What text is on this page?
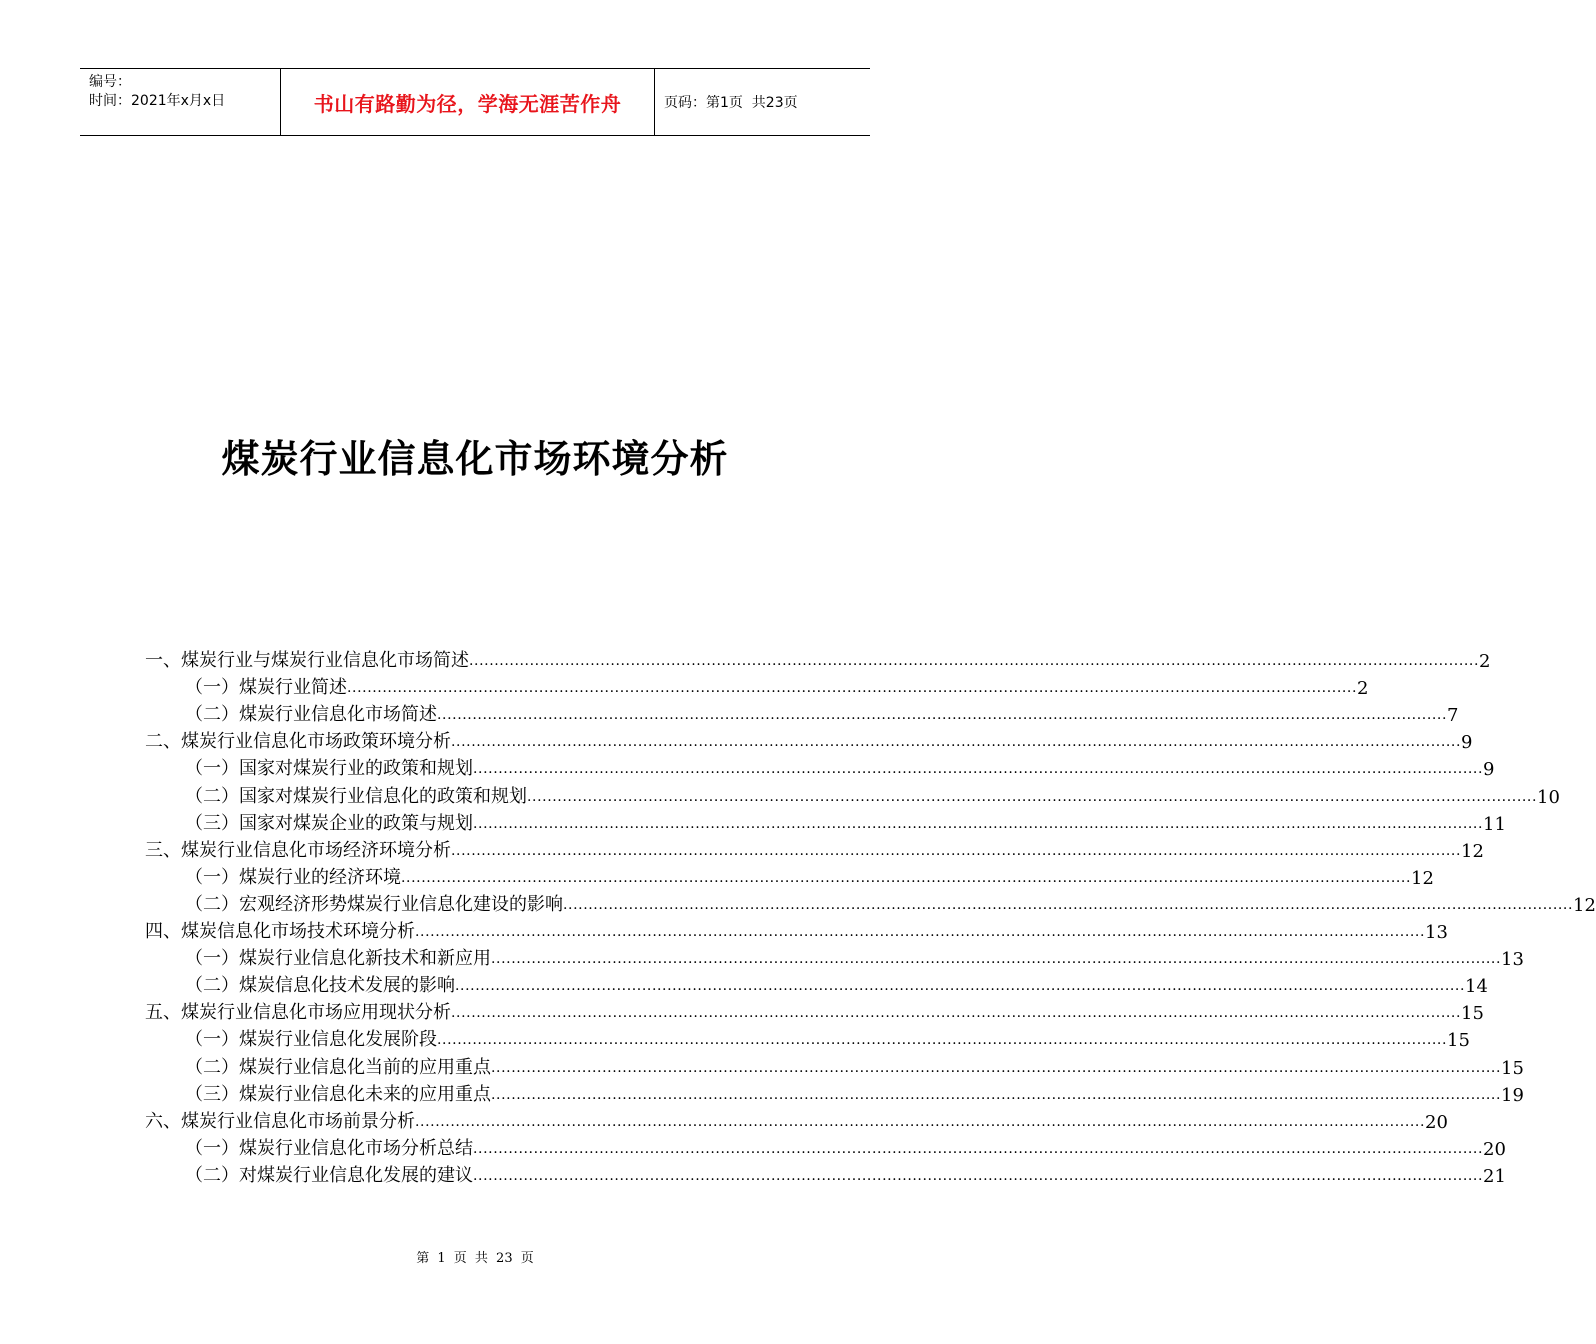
编号：
时间：2021年x月x日	书山有路勤为径，学海无涯苦作舟	页码：第1页  共23页
煤炭行业信息化市场环境分析
一、煤炭行业与煤炭行业信息化市场简述 ........................................................................................................................................................................................................ 2
（一）煤炭行业简述 ........................................................................................................................................................................................................ 2
（二）煤炭行业信息化市场简述 ........................................................................................................................................................................................................ 7
二、煤炭行业信息化市场政策环境分析 ........................................................................................................................................................................................................ 9
（一）国家对煤炭行业的政策和规划 ........................................................................................................................................................................................................ 9
（二）国家对煤炭行业信息化的政策和规划 ........................................................................................................................................................................................................ 10
（三）国家对煤炭企业的政策与规划 ........................................................................................................................................................................................................ 11
三、煤炭行业信息化市场经济环境分析 ........................................................................................................................................................................................................ 12
（一）煤炭行业的经济环境 ........................................................................................................................................................................................................ 12
（二）宏观经济形势煤炭行业信息化建设的影响 ........................................................................................................................................................................................................ 12
四、煤炭信息化市场技术环境分析 ........................................................................................................................................................................................................ 13
（一）煤炭行业信息化新技术和新应用 ........................................................................................................................................................................................................ 13
（二）煤炭信息化技术发展的影响 ........................................................................................................................................................................................................ 14
五、煤炭行业信息化市场应用现状分析 ........................................................................................................................................................................................................ 15
（一）煤炭行业信息化发展阶段 ........................................................................................................................................................................................................ 15
（二）煤炭行业信息化当前的应用重点 ........................................................................................................................................................................................................ 15
（三）煤炭行业信息化未来的应用重点 ........................................................................................................................................................................................................ 19
六、煤炭行业信息化市场前景分析 ........................................................................................................................................................................................................ 20
（一）煤炭行业信息化市场分析总结 ........................................................................................................................................................................................................ 20
（二）对煤炭行业信息化发展的建议 ........................................................................................................................................................................................................ 21
第 1 页 共 23 页
